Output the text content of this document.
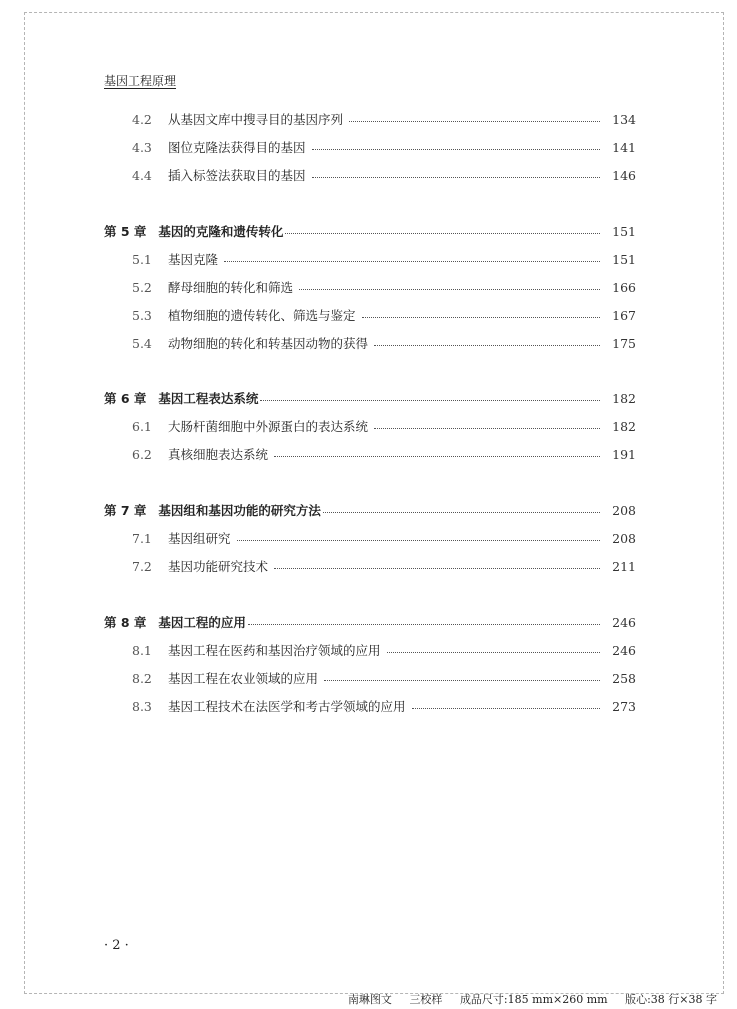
基因工程原理
4.2	从基因文库中搜寻目的基因序列	134
4.3	图位克隆法获得目的基因	141
4.4	插入标签法获取目的基因	146
第 5 章 基因的克隆和遗传转化	151
5.1	基因克隆	151
5.2	酵母细胞的转化和筛选	166
5.3	植物细胞的遗传转化、筛选与鉴定	167
5.4	动物细胞的转化和转基因动物的获得	175
第 6 章 基因工程表达系统	182
6.1	大肠杆菌细胞中外源蛋白的表达系统	182
6.2	真核细胞表达系统	191
第 7 章 基因组和基因功能的研究方法	208
7.1	基因组研究	208
7.2	基因功能研究技术	211
第 8 章 基因工程的应用	246
8.1	基因工程在医药和基因治疗领域的应用	246
8.2	基因工程在农业领域的应用	258
8.3	基因工程技术在法医学和考古学领域的应用	273
· 2 ·
南琳图文 三校样 成品尺寸:185 mm×260 mm 版心:38 行×38 字
